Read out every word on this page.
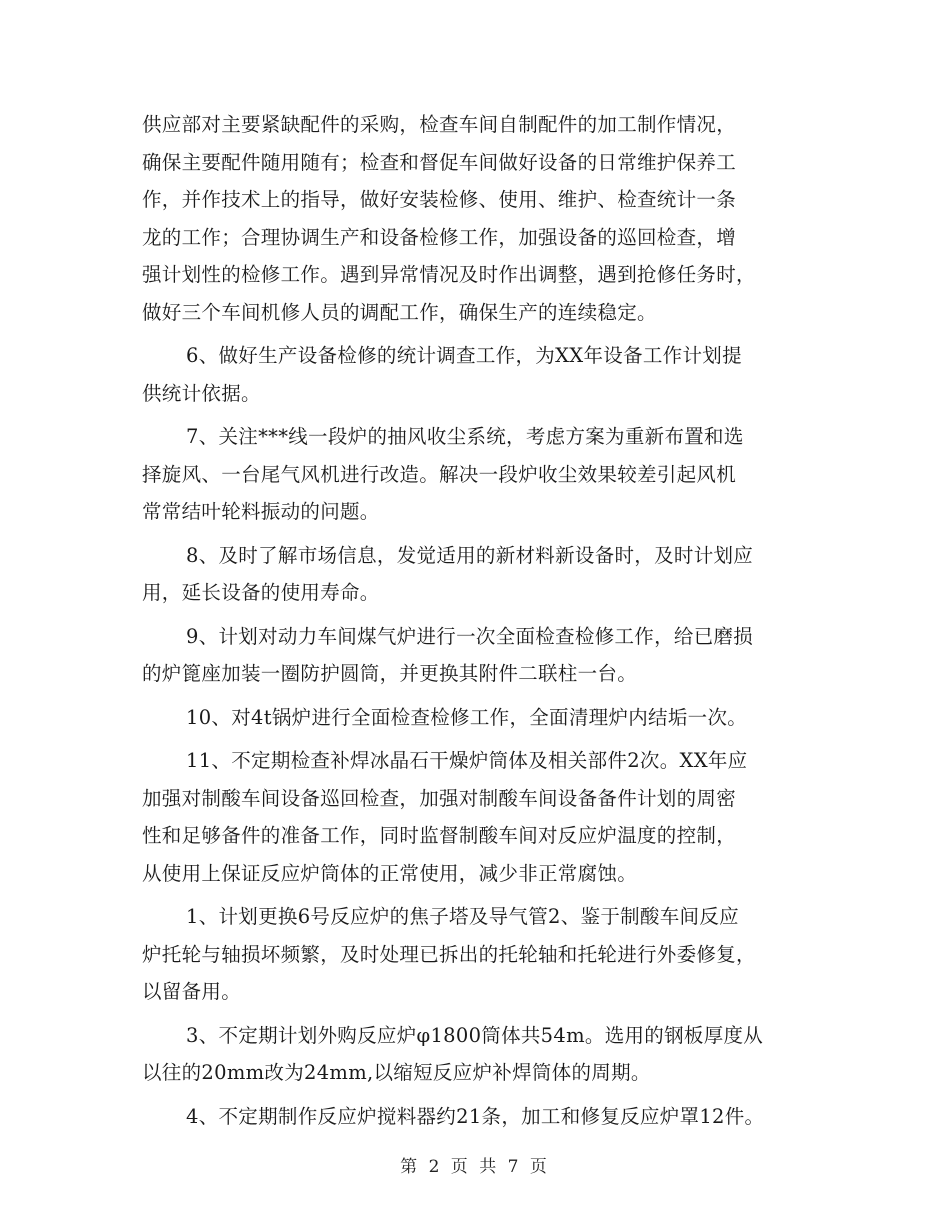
供应部对主要紧缺配件的采购，检查车间自制配件的加工制作情况，
确保主要配件随用随有；检查和督促车间做好设备的日常维护保养工
作，并作技术上的指导，做好安装检修、使用、维护、检查统计一条
龙的工作；合理协调生产和设备检修工作，加强设备的巡回检查，增
强计划性的检修工作。遇到异常情况及时作出调整，遇到抢修任务时，
做好三个车间机修人员的调配工作，确保生产的连续稳定。
6、做好生产设备检修的统计调查工作，为XX年设备工作计划提
供统计依据。
7、关注***线一段炉的抽风收尘系统，考虑方案为重新布置和选
择旋风、一台尾气风机进行改造。解决一段炉收尘效果较差引起风机
常常结叶轮料振动的问题。
8、及时了解市场信息，发觉适用的新材料新设备时，及时计划应
用，延长设备的使用寿命。
9、计划对动力车间煤气炉进行一次全面检查检修工作，给已磨损
的炉篦座加装一圈防护圆筒，并更换其附件二联柱一台。
10、对4t锅炉进行全面检查检修工作，全面清理炉内结垢一次。
11、不定期检查补焊冰晶石干燥炉筒体及相关部件2次。XX年应
加强对制酸车间设备巡回检查，加强对制酸车间设备备件计划的周密
性和足够备件的准备工作，同时监督制酸车间对反应炉温度的控制，
从使用上保证反应炉筒体的正常使用，减少非正常腐蚀。
1、计划更换6号反应炉的焦子塔及导气管2、鉴于制酸车间反应
炉托轮与轴损坏频繁，及时处理已拆出的托轮轴和托轮进行外委修复，
以留备用。
3、不定期计划外购反应炉φ1800筒体共54m。选用的钢板厚度从
以往的20mm改为24mm,以缩短反应炉补焊筒体的周期。
4、不定期制作反应炉搅料器约21条，加工和修复反应炉罩12件。
第 2 页 共 7 页
